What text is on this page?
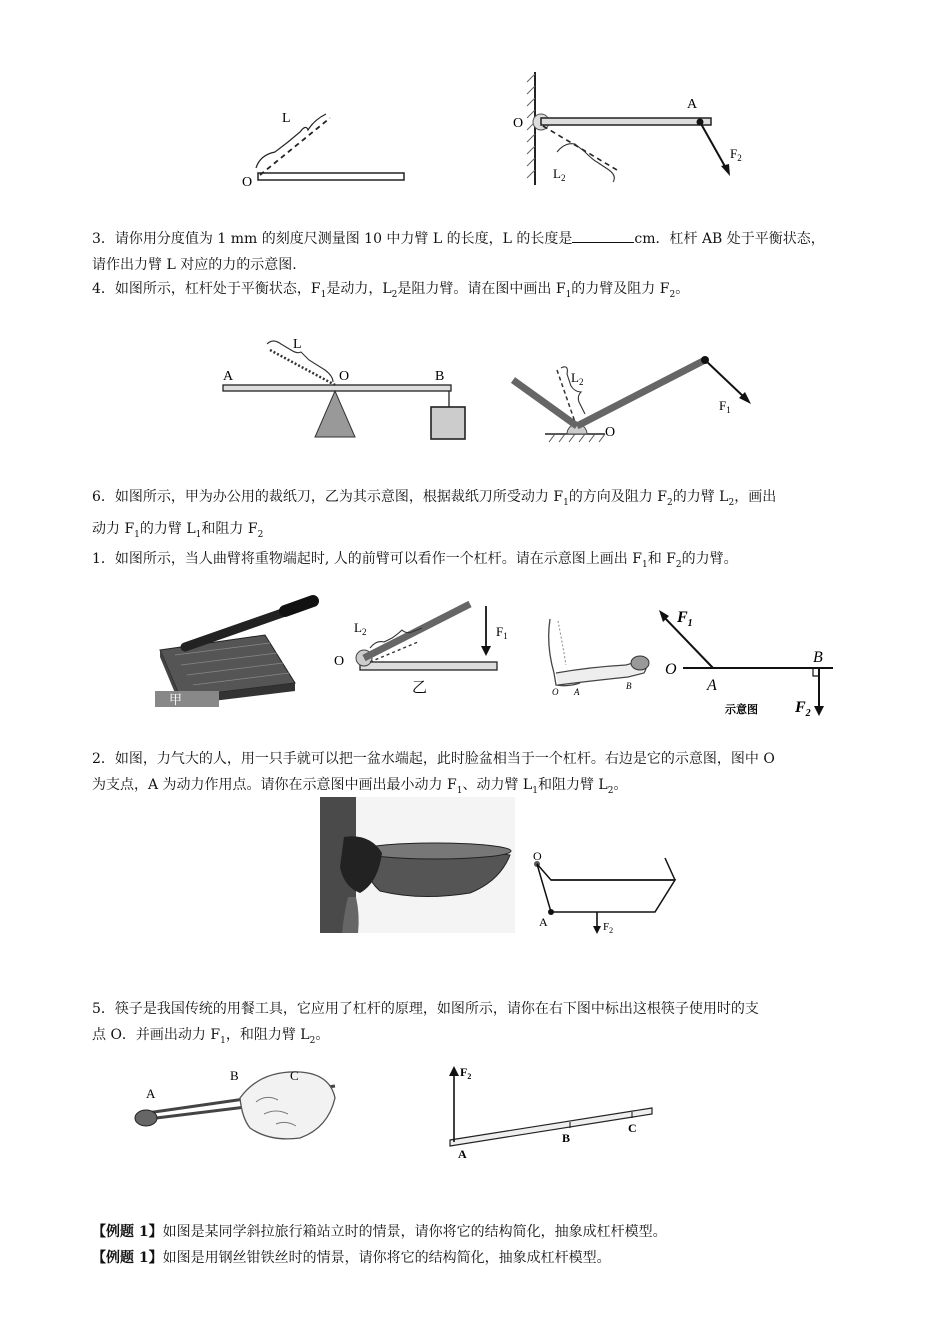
L
O
O
A
$F_2$
$L_2$

3．请你用分度值为 1 mm 的刻度尺测量图 10 中力臂 L 的长度，L 的长度是	cm．杠杆 AB 处于平衡状态，
请作出力臂 L 对应的力的示意图.

4．如图所示，杠杆处于平衡状态，$F_1$是动力，$L_2$是阻力臂。请在图中画出 $F_1$的力臂及阻力 $F_2$。

A
L
O	B	$L_2$
$F_1$
O

6．如图所示，甲为办公用的裁纸刀，乙为其示意图，根据裁纸刀所受动力 $F_1$的方向及阻力 $F_2$的力臂 $L_2$，画出
动力 $F_1$的力臂 $L_1$和阻力 $F_2$

1．如图所示，当人曲臂将重物端起时, 人的前臂可以看作一个杠杆。请在示意图上画出 $F_1$和 $F_2$的力臂。

甲
O
$L_2$	$F_1$
乙	O A
B
$F_1$
O
A
B
$F_2$
示意图

2．如图，力气大的人，用一只手就可以把一盆水端起，此时脸盆相当于一个杠杆。右边是它的示意图，图中 O
为支点，A 为动力作用点。请你在示意图中画出最小动力 $F_1$、动力臂 $L_1$和阻力臂 $L_2$。

O
A	$F_2$

5．筷子是我国传统的用餐工具，它应用了杠杆的原理，如图所示，请你在右下图中标出这根筷子使用时的支
点 O．并画出动力 $F_1$，和阻力臂 $L_2$。

A
B	C	$F_2$
A
B
C

【例题 1】如图是某同学斜拉旅行箱站立时的情景，请你将它的结构简化，抽象成杠杆模型。

【例题 1】如图是用钢丝钳铁丝时的情景，请你将它的结构简化，抽象成杠杆模型。
